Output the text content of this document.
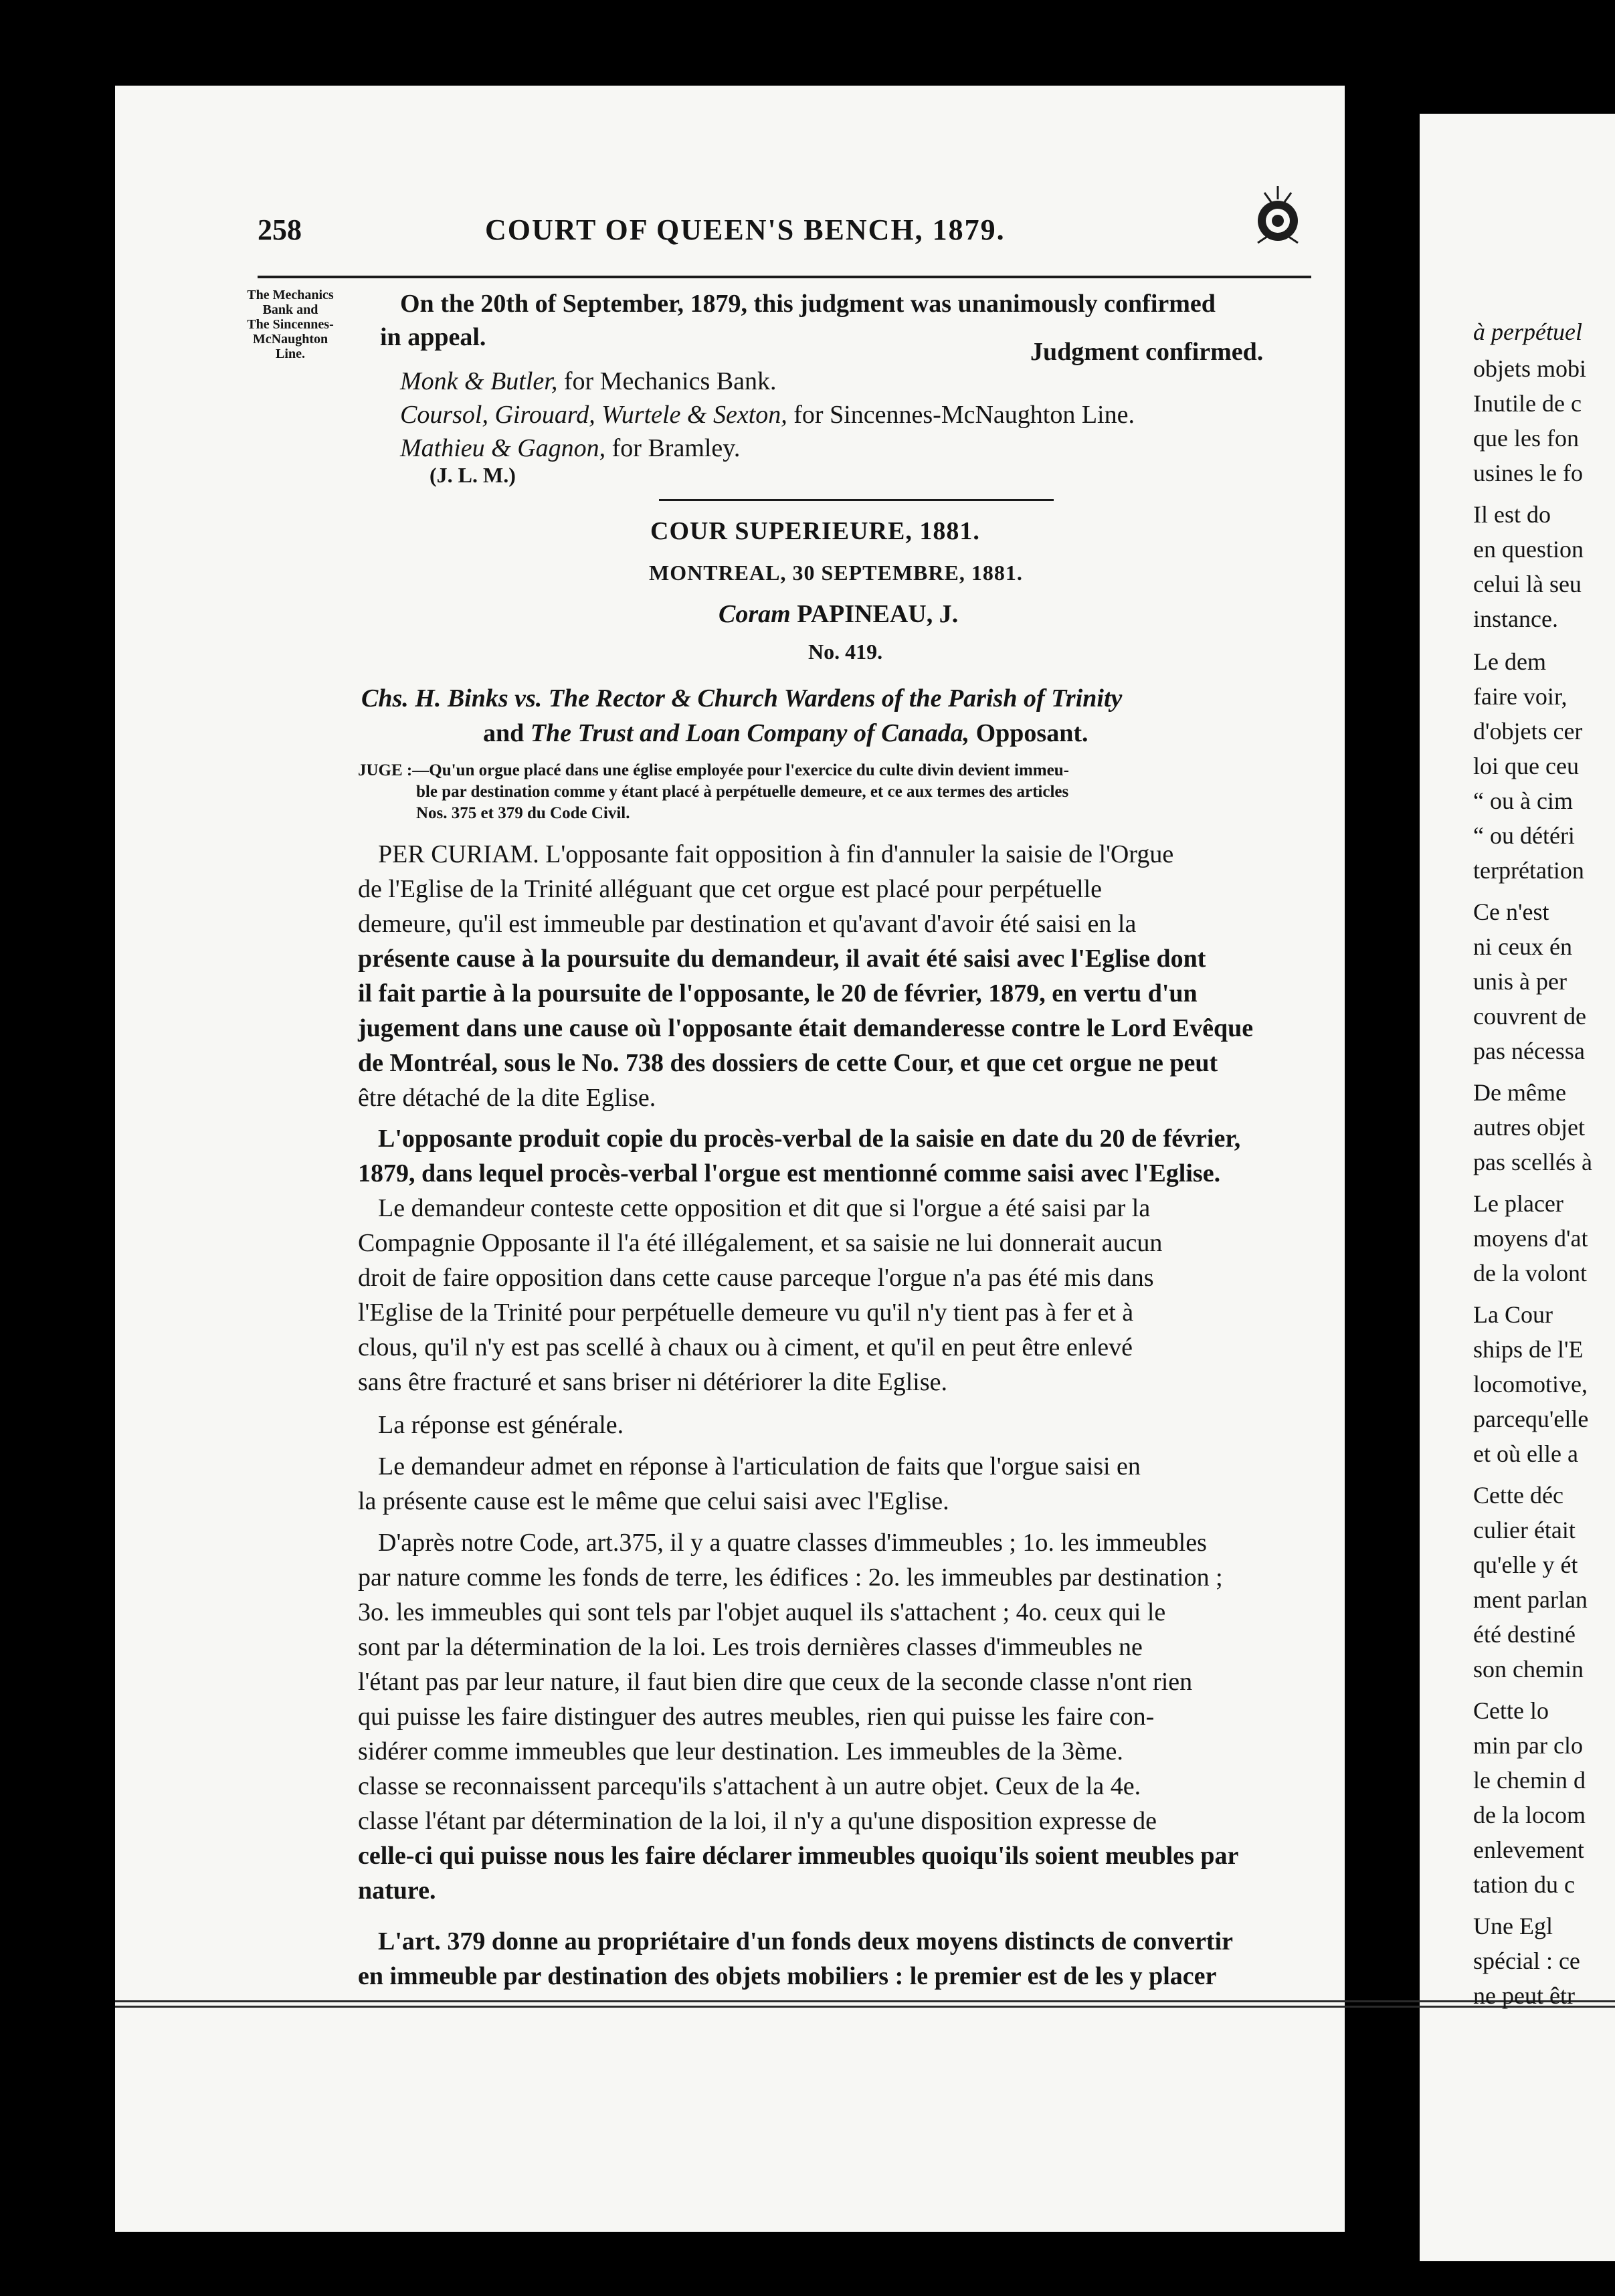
258	COURT OF QUEEN'S BENCH, 1879.
The Mechanics
Bank and
The Sincennes-
McNaughton
Line.
On the 20th of September, 1879, this judgment was unanimously confirmed
in appeal.
Judgment confirmed.
Monk & Butler, for Mechanics Bank.
Coursol, Girouard, Wurtele & Sexton, for Sincennes-McNaughton Line.
Mathieu & Gagnon, for Bramley.
(J. L. M.)
COUR SUPERIEURE, 1881.
MONTREAL, 30 SEPTEMBRE, 1881.
Coram PAPINEAU, J.
No. 419.
Chs. H. Binks vs. The Rector & Church Wardens of the Parish of Trinity
and The Trust and Loan Company of Canada, Opposant.
JUGE :—Qu'un orgue placé dans une église employée pour l'exercice du culte divin devient immeu-
ble par destination comme y étant placé à perpétuelle demeure, et ce aux termes des articles
Nos. 375 et 379 du Code Civil.
PER CURIAM. L'opposante fait opposition à fin d'annuler la saisie de l'Orgue
de l'Eglise de la Trinité alléguant que cet orgue est placé pour perpétuelle
demeure, qu'il est immeuble par destination et qu'avant d'avoir été saisi en la
présente cause à la poursuite du demandeur, il avait été saisi avec l'Eglise dont
il fait partie à la poursuite de l'opposante, le 20 de février, 1879, en vertu d'un
jugement dans une cause où l'opposante était demanderesse contre le Lord Evêque
de Montréal, sous le No. 738 des dossiers de cette Cour, et que cet orgue ne peut
être détaché de la dite Eglise.
L'opposante produit copie du procès-verbal de la saisie en date du 20 de février,
1879, dans lequel procès-verbal l'orgue est mentionné comme saisi avec l'Eglise.
Le demandeur conteste cette opposition et dit que si l'orgue a été saisi par la
Compagnie Opposante il l'a été illégalement, et sa saisie ne lui donnerait aucun
droit de faire opposition dans cette cause parceque l'orgue n'a pas été mis dans
l'Eglise de la Trinité pour perpétuelle demeure vu qu'il n'y tient pas à fer et à
clous, qu'il n'y est pas scellé à chaux ou à ciment, et qu'il en peut être enlevé
sans être fracturé et sans briser ni détériorer la dite Eglise.
La réponse est générale.
Le demandeur admet en réponse à l'articulation de faits que l'orgue saisi en
la présente cause est le même que celui saisi avec l'Eglise.
D'après notre Code, art.375, il y a quatre classes d'immeubles ; 1o. les immeubles
par nature comme les fonds de terre, les édifices : 2o. les immeubles par destination ;
3o. les immeubles qui sont tels par l'objet auquel ils s'attachent ; 4o. ceux qui le
sont par la détermination de la loi. Les trois dernières classes d'immeubles ne
l'étant pas par leur nature, il faut bien dire que ceux de la seconde classe n'ont rien
qui puisse les faire distinguer des autres meubles, rien qui puisse les faire con-
sidérer comme immeubles que leur destination. Les immeubles de la 3ème.
classe se reconnaissent parcequ'ils s'attachent à un autre objet. Ceux de la 4e.
classe l'étant par détermination de la loi, il n'y a qu'une disposition expresse de
celle-ci qui puisse nous les faire déclarer immeubles quoiqu'ils soient meubles par
nature.
L'art. 379 donne au propriétaire d'un fonds deux moyens distincts de convertir
en immeuble par destination des objets mobiliers : le premier est de les y placer
à perpétuel
objets mobi
Inutile de c
que les fon
usines le fo
Il est do
en question
celui là seu
instance.
Le dem
faire voir,
d'objets cer
loi que ceu
“ ou à cim
“ ou détéri
terprétation
Ce n'est
ni ceux én
unis à per
couvrent de
pas nécessa
De même
autres objet
pas scellés à
Le placer
moyens d'at
de la volont
La Cour
ships de l'E
locomotive,
parcequ'elle
et où elle a
Cette déc
culier était
qu'elle y ét
ment parlan
été destiné
son chemin
Cette lo
min par clo
le chemin d
de la locom
enlevement
tation du c
Une Egl
spécial : ce
ne peut êtr
